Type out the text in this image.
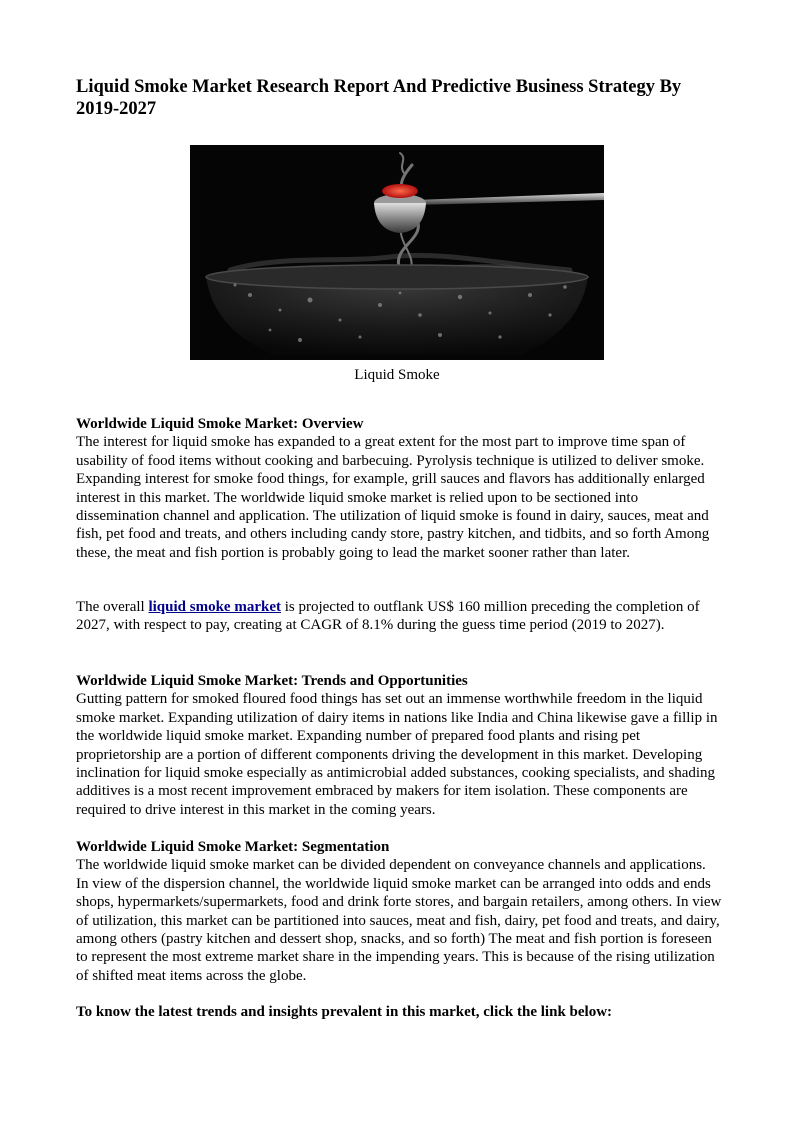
Liquid Smoke Market Research Report And Predictive Business Strategy By 2019-2027
Liquid Smoke

Worldwide Liquid Smoke Market: Overview

The interest for liquid smoke has expanded to a great extent for the most part to improve time span of usability of food items without cooking and barbecuing. Pyrolysis technique is utilized to deliver smoke. Expanding interest for smoke food things, for example, grill sauces and flavors has additionally enlarged interest in this market. The worldwide liquid smoke market is relied upon to be sectioned into dissemination channel and application. The utilization of liquid smoke is found in dairy, sauces, meat and fish, pet food and treats, and others including candy store, pastry kitchen, and tidbits, and so forth Among these, the meat and fish portion is probably going to lead the market sooner rather than later.

The overall liquid smoke market is projected to outflank US$ 160 million preceding the completion of 2027, with respect to pay, creating at CAGR of 8.1% during the guess time period (2019 to 2027).

Worldwide Liquid Smoke Market: Trends and Opportunities

Gutting pattern for smoked floured food things has set out an immense worthwhile freedom in the liquid smoke market. Expanding utilization of dairy items in nations like India and China likewise gave a fillip in the worldwide liquid smoke market. Expanding number of prepared food plants and rising pet proprietorship are a portion of different components driving the development in this market. Developing inclination for liquid smoke especially as antimicrobial added substances, cooking specialists, and shading additives is a most recent improvement embraced by makers for item isolation. These components are required to drive interest in this market in the coming years.

Worldwide Liquid Smoke Market: Segmentation

The worldwide liquid smoke market can be divided dependent on conveyance channels and applications. In view of the dispersion channel, the worldwide liquid smoke market can be arranged into odds and ends shops, hypermarkets/supermarkets, food and drink forte stores, and bargain retailers, among others. In view of utilization, this market can be partitioned into sauces, meat and fish, dairy, pet food and treats, and dairy, among others (pastry kitchen and dessert shop, snacks, and so forth) The meat and fish portion is foreseen to represent the most extreme market share in the impending years. This is because of the rising utilization of shifted meat items across the globe.

To know the latest trends and insights prevalent in this market, click the link below:
